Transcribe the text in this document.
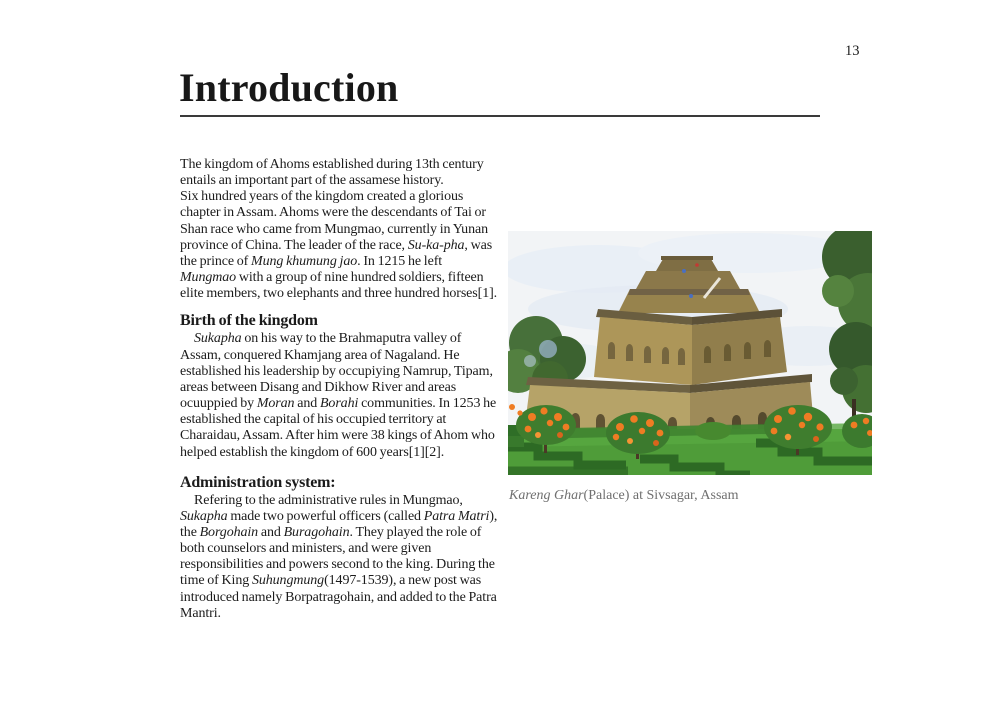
13
Introduction

The kingdom of Ahoms established during 13th century entails an important part of the assamese history.
Six hundred years of the kingdom created a glorious chapter in Assam. Ahoms were the descendants of Tai or Shan race who came from Mungmao, currently in Yunan province of China. The leader of the race, Su-ka-pha, was the prince of Mung khumung jao. In 1215 he left Mungmao with a group of nine hundred soldiers, fifteen elite members, two elephants and three hundred horses[1].

Birth of the kingdom

Sukapha on his way to the Brahmaputra valley of Assam, conquered Khamjang area of Nagaland. He established his leadership by occupiying Namrup, Tipam, areas between Disang and Dikhow River and areas ocuuppied by Moran and Borahi communities. In 1253 he established the capital of his occupied territory at Charaidau, Assam. After him were 38 kings of Ahom who helped establish the kingdom of 600 years[1][2].

Administration system:

Refering to the administrative rules in Mungmao, Sukapha made two powerful officers (called Patra Matri), the Borgohain and Buragohain. They played the role of both counselors and ministers, and were given responsibilities and powers second to the king. During the time of King Suhungmung(1497-1539), a new post was introduced namely Borpatragohain, and added to the Patra Mantri.

Kareng Ghar(Palace) at Sivsagar, Assam
